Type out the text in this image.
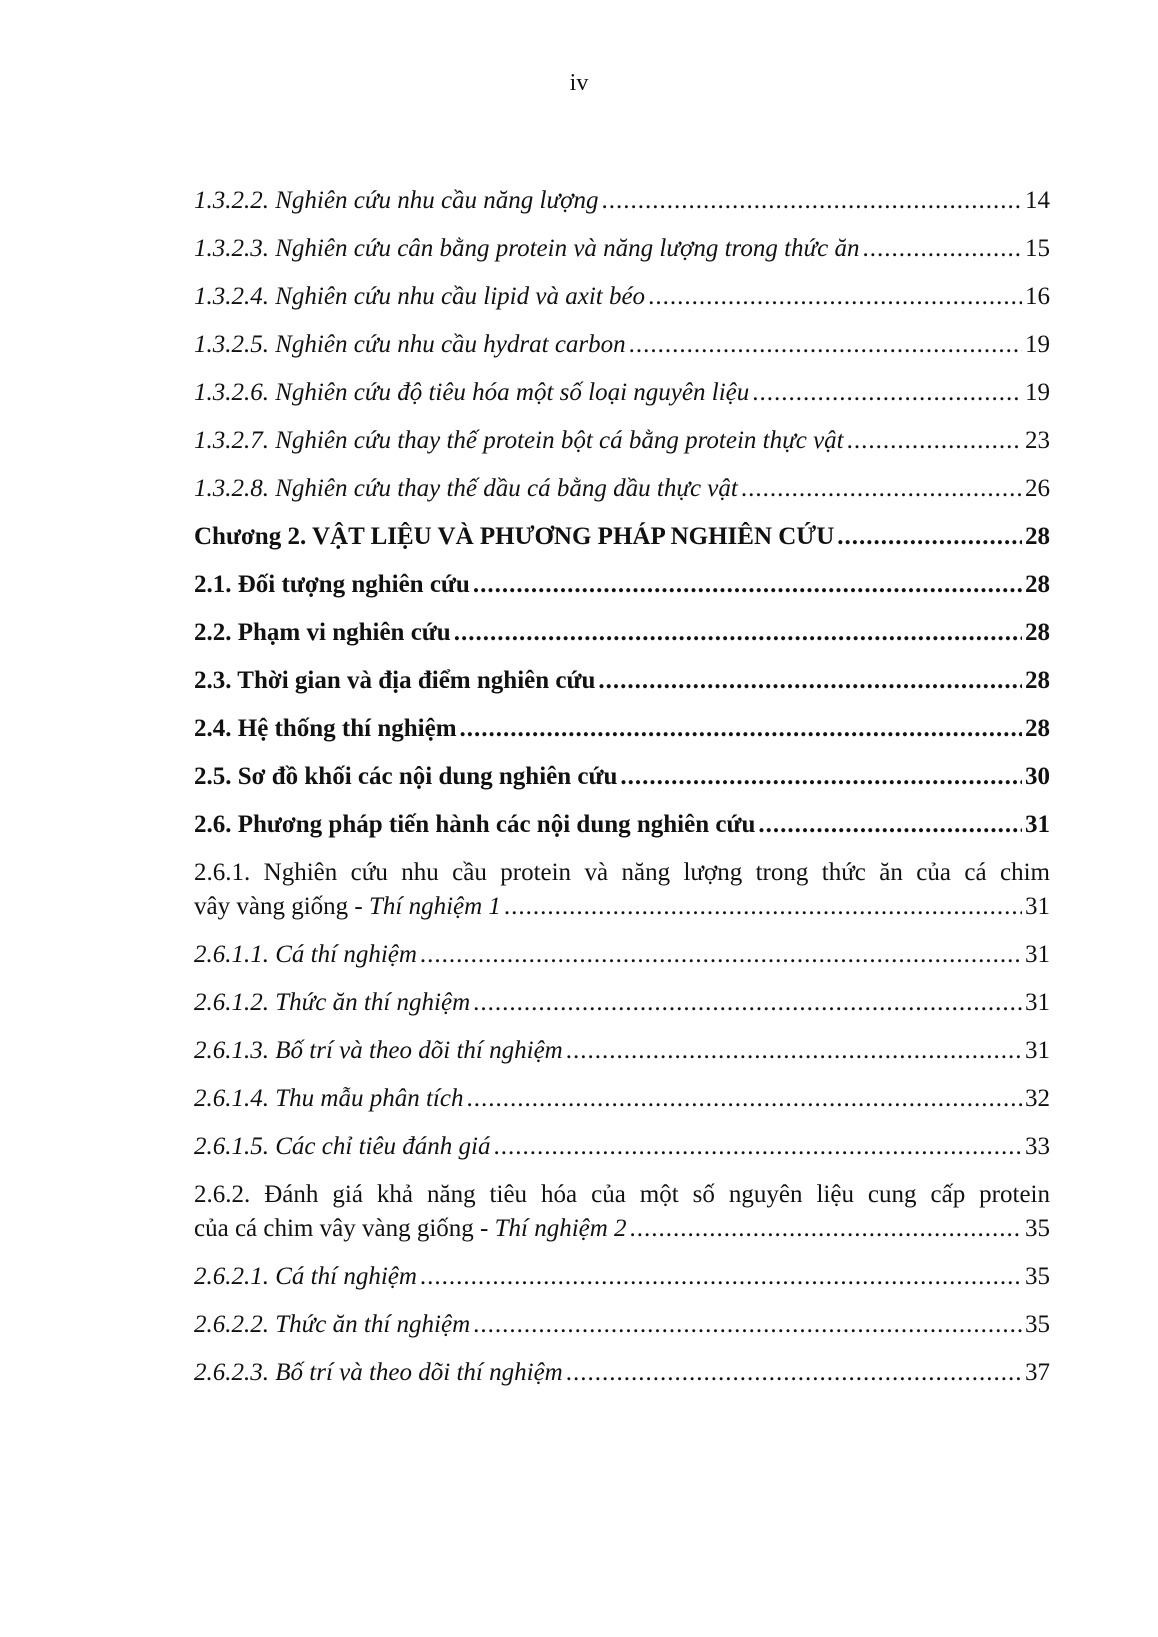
iv
1.3.2.2. Nghiên cứu nhu cầu năng lượng .....	14
1.3.2.3. Nghiên cứu cân bằng protein và năng lượng trong thức ăn .....	15
1.3.2.4. Nghiên cứu nhu cầu lipid và axit béo .....	16
1.3.2.5. Nghiên cứu nhu cầu hydrat carbon .....	19
1.3.2.6. Nghiên cứu độ tiêu hóa một số loại nguyên liệu .....	19
1.3.2.7. Nghiên cứu thay thế protein bột cá bằng protein thực vật .....	23
1.3.2.8. Nghiên cứu thay thế dầu cá bằng dầu thực vật .....	26
Chương 2. VẬT LIỆU VÀ PHƯƠNG PHÁP NGHIÊN CỨU .....	28
2.1. Đối tượng nghiên cứu .....	28
2.2. Phạm vi nghiên cứu .....	28
2.3. Thời gian và địa điểm nghiên cứu .....	28
2.4. Hệ thống thí nghiệm .....	28
2.5. Sơ đồ khối các nội dung nghiên cứu .....	30
2.6. Phương pháp tiến hành các nội dung nghiên cứu .....	31
2.6.1. Nghiên cứu nhu cầu protein và năng lượng trong thức ăn của cá chim
vây vàng giống - Thí nghiệm 1 .....	31
2.6.1.1. Cá thí nghiệm .....	31
2.6.1.2. Thức ăn thí nghiệm .....	31
2.6.1.3. Bố trí và theo dõi thí nghiệm .....	31
2.6.1.4. Thu mẫu phân tích .....	32
2.6.1.5. Các chỉ tiêu đánh giá .....	33
2.6.2. Đánh giá khả năng tiêu hóa của một số nguyên liệu cung cấp protein
của cá chim vây vàng giống - Thí nghiệm 2 .....	35
2.6.2.1. Cá thí nghiệm .....	35
2.6.2.2. Thức ăn thí nghiệm .....	35
2.6.2.3. Bố trí và theo dõi thí nghiệm .....	37
